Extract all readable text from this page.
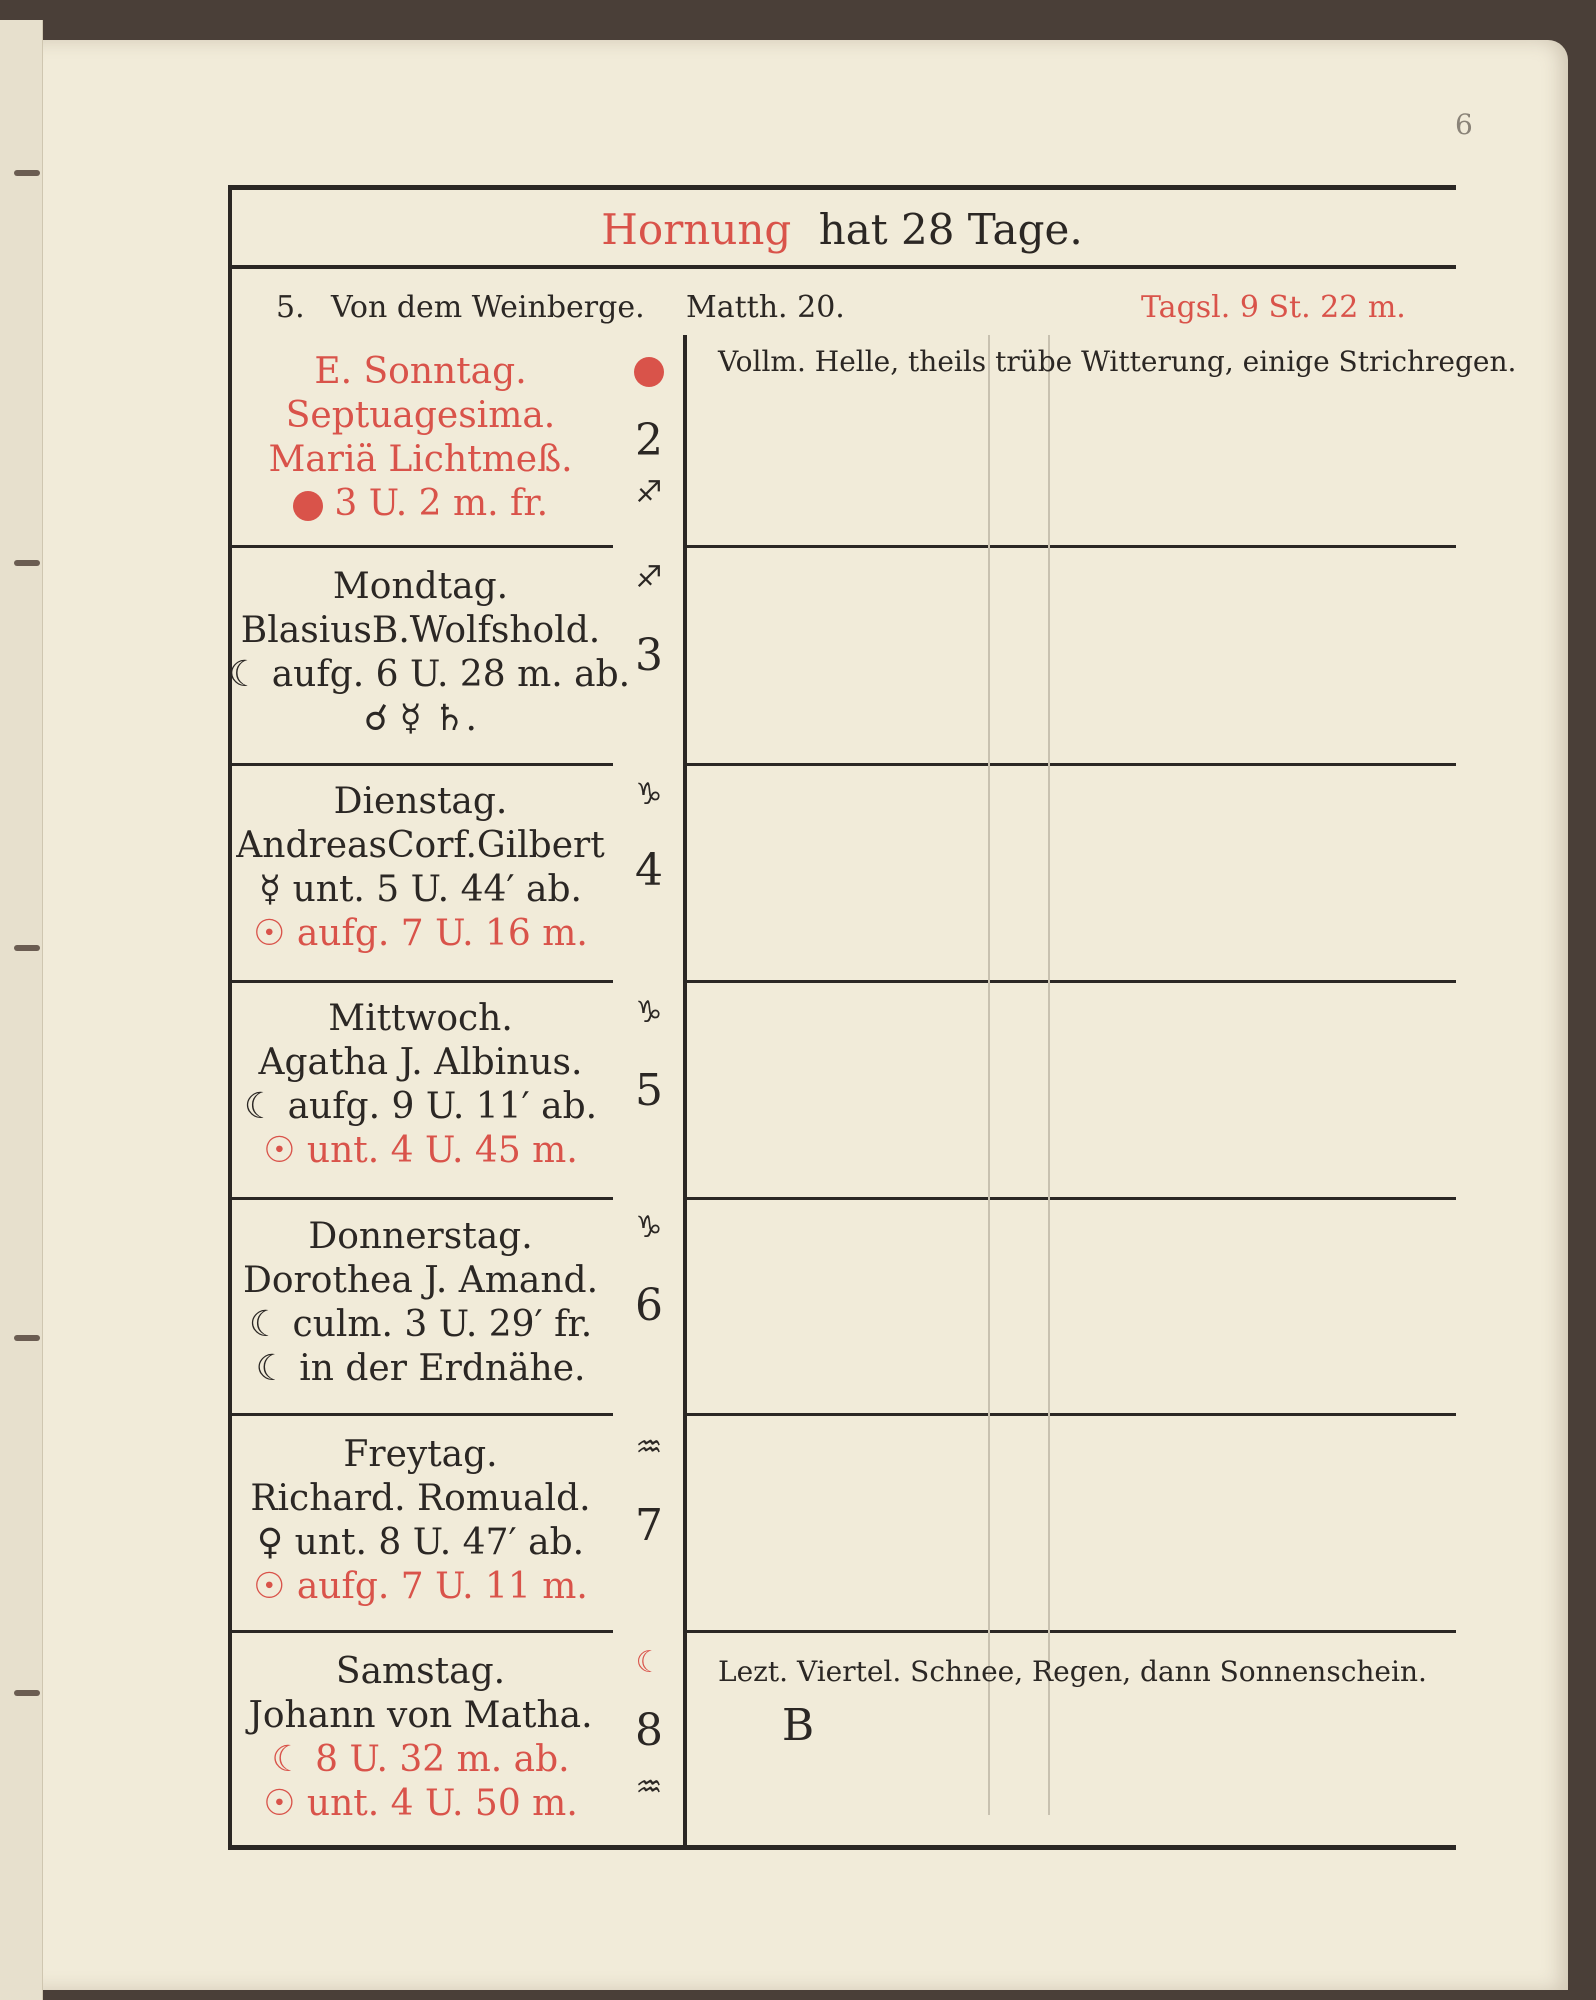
6
Hornung hat 28 Tage.
5. Von dem Weinberge. Matth. 20.	Tagsl. 9 St. 22 m.
E. Sonntag.
Septuagesima.
Mariä Lichtmeß.
3 U. 2 m. fr.
2
♐︎
Vollm. Helle, theils trübe Witterung, einige Strichregen.
Mondtag.
BlasiusB.Wolfshold.
☾ aufg. 6 U. 28 m. ab.
☌ ☿ ♄.
♐︎
3
Dienstag.
AndreasCorf.Gilbert
☿ unt. 5 U. 44′ ab.
☉ aufg. 7 U. 16 m.
♑︎
4
Mittwoch.
Agatha J. Albinus.
☾ aufg. 9 U. 11′ ab.
☉ unt. 4 U. 45 m.
♑︎
5
Donnerstag.
Dorothea J. Amand.
☾ culm. 3 U. 29′ fr.
☾ in der Erdnähe.
♑︎
6
Freytag.
Richard. Romuald.
♀ unt. 8 U. 47′ ab.
☉ aufg. 7 U. 11 m.
♒︎
7
Samstag.
Johann von Matha.
☾ 8 U. 32 m. ab.
☉ unt. 4 U. 50 m.
☾
8
♒︎
Lezt. Viertel. Schnee, Regen, dann Sonnenschein.
B
